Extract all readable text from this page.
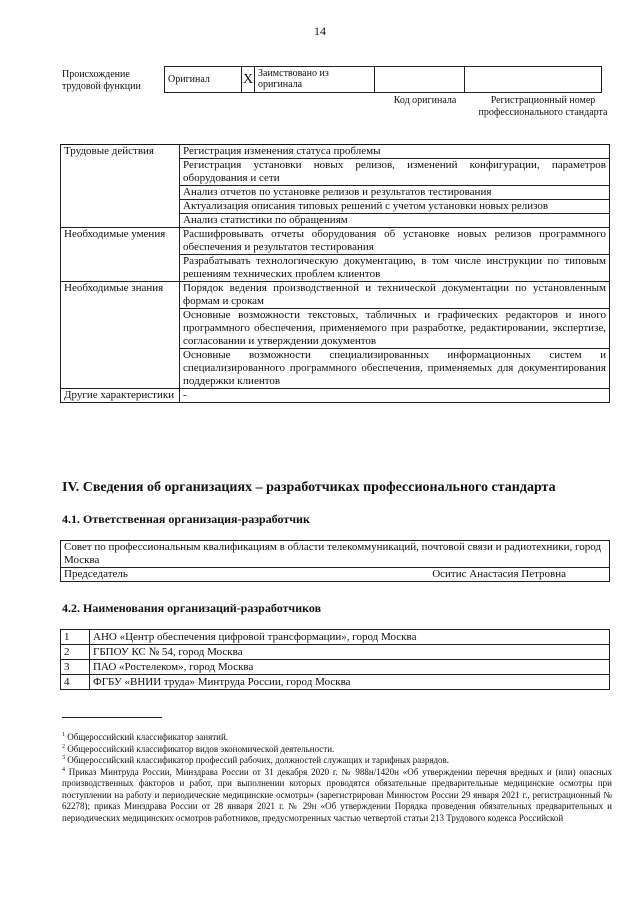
14
Происхождение трудовой функции
Оригинал	X	Заимствовано из оригинала		
Код оригинала	Регистрационный номер профессионального стандарта
Трудовые действия	Регистрация изменения статуса проблемы
	Регистрация установки новых релизов, изменений конфигурации, параметров оборудования и сети
	Анализ отчетов по установке релизов и результатов тестирования
	Актуализация описания типовых решений с учетом установки новых релизов
	Анализ статистики по обращениям
Необходимые умения	Расшифровывать отчеты оборудования об установке новых релизов программного обеспечения и результатов тестирования
	Разрабатывать технологическую документацию, в том числе инструкции по типовым решениям технических проблем клиентов
Необходимые знания	Порядок ведения производственной и технической документации по установленным формам и срокам
	Основные возможности текстовых, табличных и графических редакторов и иного программного обеспечения, применяемого при разработке, редактировании, экспертизе, согласовании и утверждении документов
	Основные возможности специализированных информационных систем и специализированного программного обеспечения, применяемых для документирования поддержки клиентов
Другие характеристики	-
IV. Сведения об организациях – разработчиках профессионального стандарта
4.1. Ответственная организация-разработчик
Совет по профессиональным квалификациям в области телекоммуникаций, почтовой связи и радиотехники, город Москва

Председатель	Оситис Анастасия Петровна
4.2. Наименования организаций-разработчиков
1	АНО «Центр обеспечения цифровой трансформации», город Москва
2	ГБПОУ КС № 54, город Москва
3	ПАО «Ростелеком», город Москва
4	ФГБУ «ВНИИ труда» Минтруда России, город Москва

$^1$ Общероссийский классификатор занятий.

$^2$ Общероссийский классификатор видов экономической деятельности.

$^3$ Общероссийский классификатор профессий рабочих, должностей служащих и тарифных разрядов.

$^4$ Приказ Минтруда России, Минздрава России от 31 декабря 2020 г. № 988н/1420н «Об утверждении перечня вредных и (или) опасных производственных факторов и работ, при выполнении которых проводятся обязательные предварительные медицинские осмотры при поступлении на работу и периодические медицинские осмотры» (зарегистрирован Минюстом России 29 января 2021 г., регистрационный № 62278); приказ Минздрава России от 28 января 2021 г. № 29н «Об утверждении Порядка проведения обязательных предварительных и периодических медицинских осмотров работников, предусмотренных частью четвертой статьи 213 Трудового кодекса Российской
